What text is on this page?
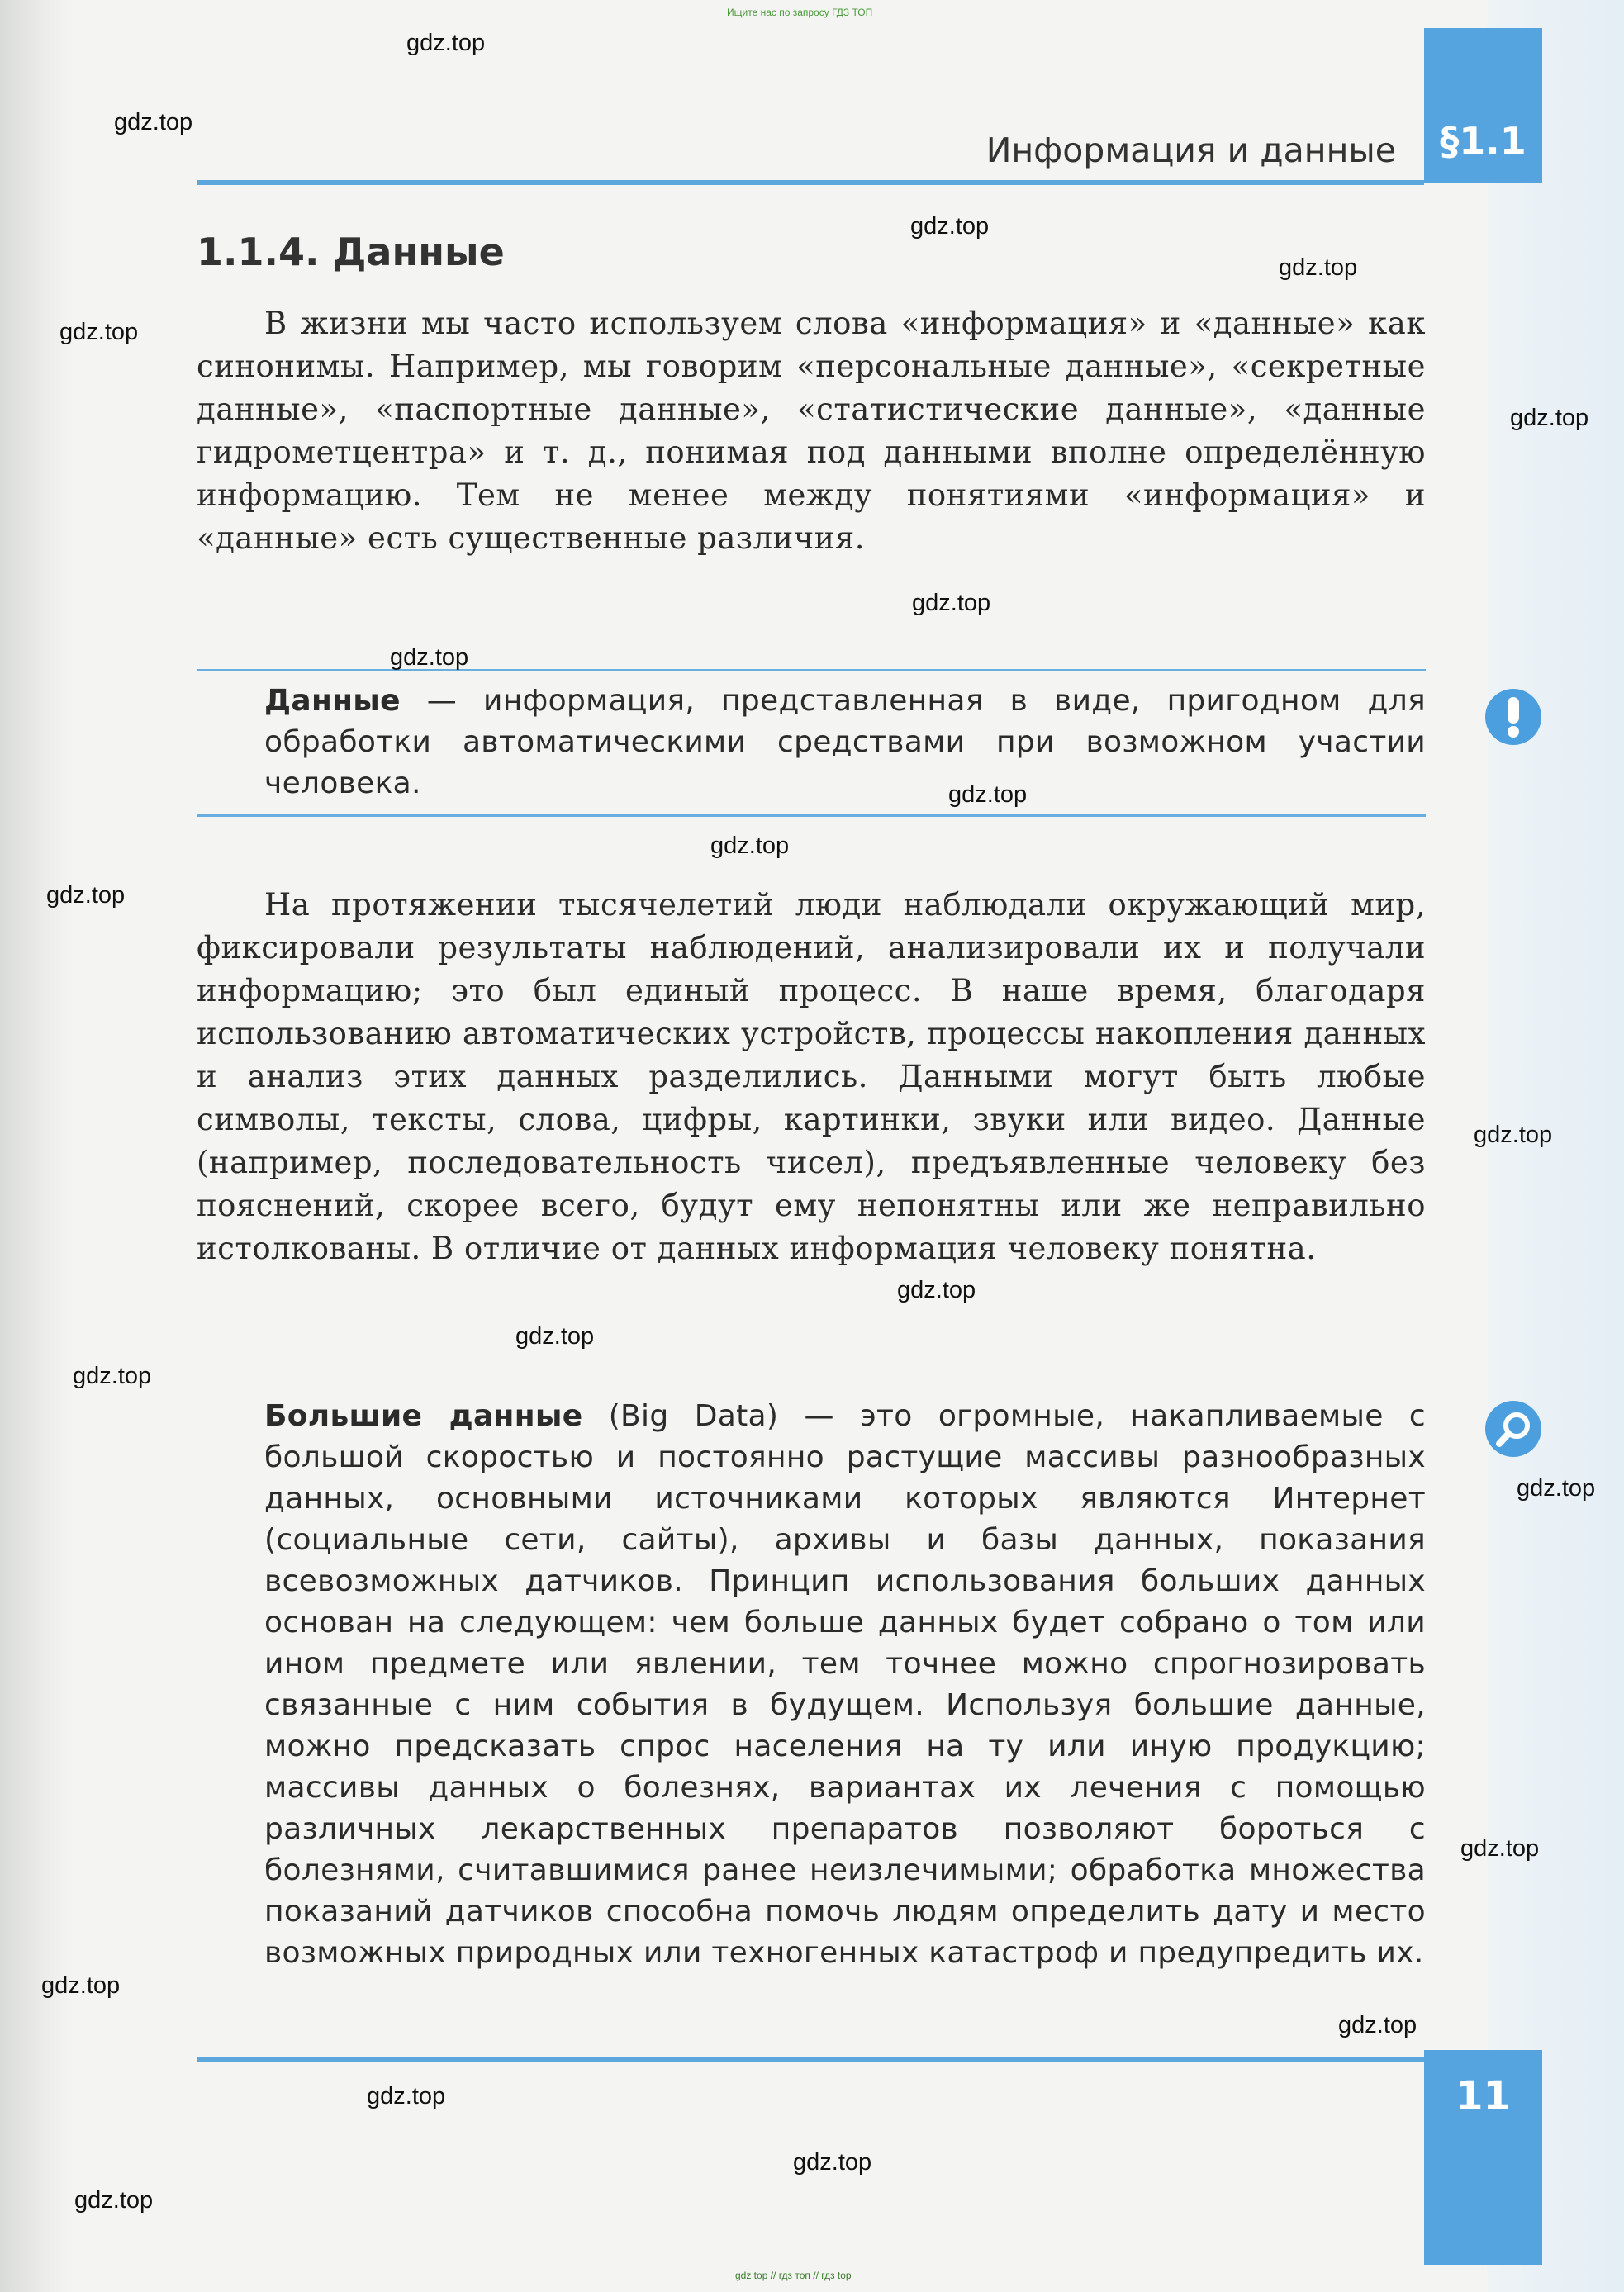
Ищите нас по запросу ГДЗ ТОП
§1.1
Информация и данные
1.1.4. Данные

В жизни мы часто используем слова «информация» и «данные» как синонимы. Например, мы говорим «персональные данные», «секретные данные», «паспортные данные», «статистические данные», «данные гидрометцентра» и т. д., понимая под данными вполне определённую информацию. Тем не менее между понятиями «информация» и «данные» есть существенные различия.

Данные — информация, представленная в виде, пригодном для обработки автоматическими средствами при возможном участии человека.

На протяжении тысячелетий люди наблюдали окружающий мир, фиксировали результаты наблюдений, анализировали их и получали информацию; это был единый процесс. В наше время, благодаря использованию автоматических устройств, процессы накопления данных и анализ этих данных разделились. Данными могут быть любые символы, тексты, слова, цифры, картинки, звуки или видео. Данные (например, последовательность чисел), предъявленные человеку без пояснений, скорее всего, будут ему непонятны или же неправильно истолкованы. В отличие от данных информация человеку понятна.

Большие данные (Big Data) — это огромные, накапливаемые с большой скоростью и постоянно растущие массивы разнообразных данных, основными источниками которых являются Интернет (социальные сети, сайты), архивы и базы данных, показания всевозможных датчиков. Принцип использования больших данных основан на следующем: чем больше данных будет собрано о том или ином предмете или явлении, тем точнее можно спрогнозировать связанные с ним события в будущем. Используя большие данные, можно предсказать спрос населения на ту или иную продукцию; массивы данных о болезнях, вариантах их лечения с помощью различных лекарственных препаратов позволяют бороться с болезнями, считавшимися ранее неизлечимыми; обработка множества показаний датчиков способна помочь людям определить дату и место возможных природных или техногенных катастроф и предупредить их.
11
gdz top // гдз топ // гдз top
gdz.top
gdz.top
gdz.top
gdz.top
gdz.top
gdz.top
gdz.top
gdz.top
gdz.top
gdz.top
gdz.top
gdz.top
gdz.top
gdz.top
gdz.top
gdz.top
gdz.top
gdz.top
gdz.top
gdz.top
gdz.top
gdz.top
